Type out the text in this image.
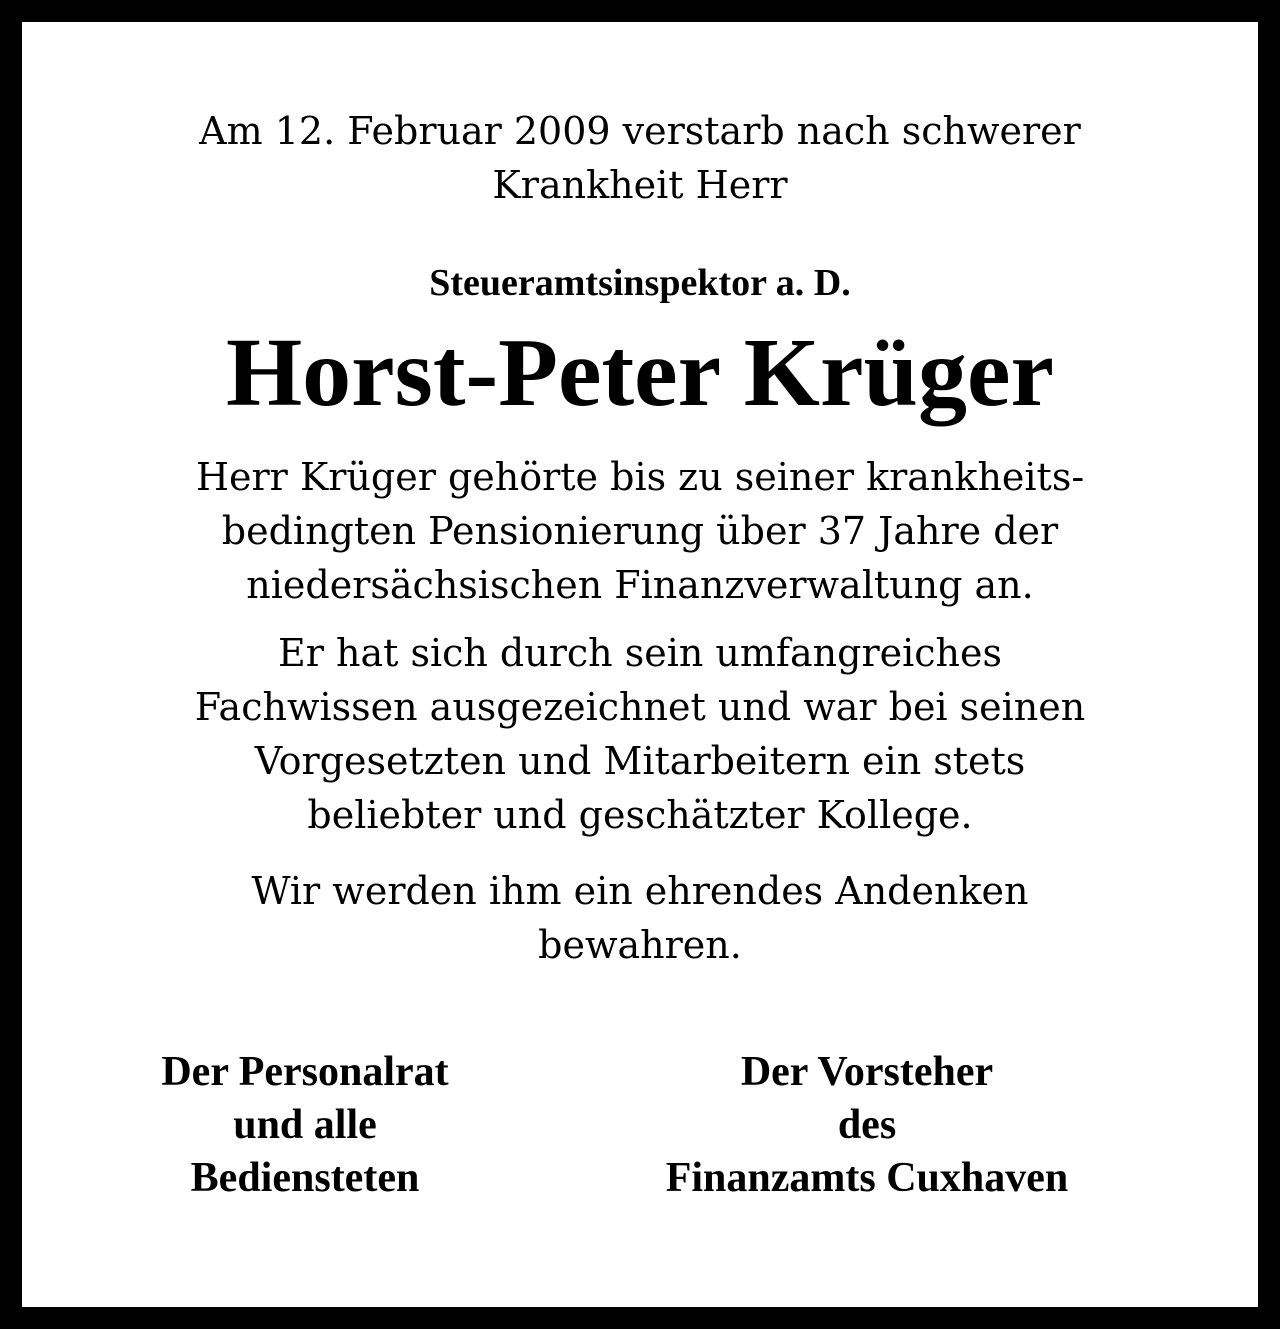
Am 12. Februar 2009 verstarb nach schwerer
Krankheit Herr
Steueramtsinspektor a. D.
Horst-Peter Krüger
Herr Krüger gehörte bis zu seiner krankheits-
bedingten Pensionierung über 37 Jahre der
niedersächsischen Finanzverwaltung an.
Er hat sich durch sein umfangreiches
Fachwissen ausgezeichnet und war bei seinen
Vorgesetzten und Mitarbeitern ein stets
beliebter und geschätzter Kollege.
Wir werden ihm ein ehrendes Andenken
bewahren.
Der Personalrat
und alle
Bediensteten
Der Vorsteher
des
Finanzamts Cuxhaven
